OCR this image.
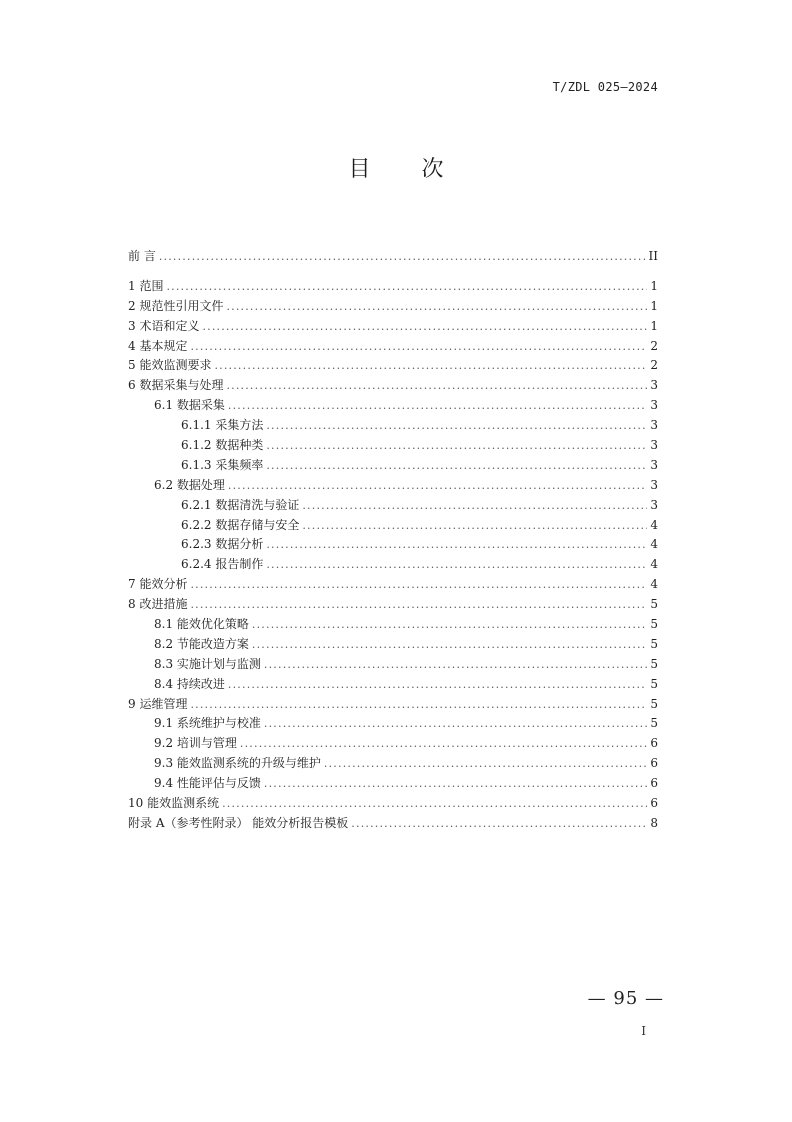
T/ZDL 025—2024
目 次
前 言 .....	II
1 范围 .....	1
2 规范性引用文件 .....	1
3 术语和定义 .....	1
4 基本规定 .....	2
5 能效监测要求 .....	2
6 数据采集与处理 .....	3
6.1 数据采集 .....	3
6.1.1 采集方法 .....	3
6.1.2 数据种类 .....	3
6.1.3 采集频率 .....	3
6.2 数据处理 .....	3
6.2.1 数据清洗与验证 .....	3
6.2.2 数据存储与安全 .....	4
6.2.3 数据分析 .....	4
6.2.4 报告制作 .....	4
7 能效分析 .....	4
8 改进措施 .....	5
8.1 能效优化策略 .....	5
8.2 节能改造方案 .....	5
8.3 实施计划与监测 .....	5
8.4 持续改进 .....	5
9 运维管理 .....	5
9.1 系统维护与校准 .....	5
9.2 培训与管理 .....	6
9.3 能效监测系统的升级与维护 .....	6
9.4 性能评估与反馈 .....	6
10 能效监测系统 .....	6
附录 A（参考性附录） 能效分析报告模板 .....	8
— 95 —
I
